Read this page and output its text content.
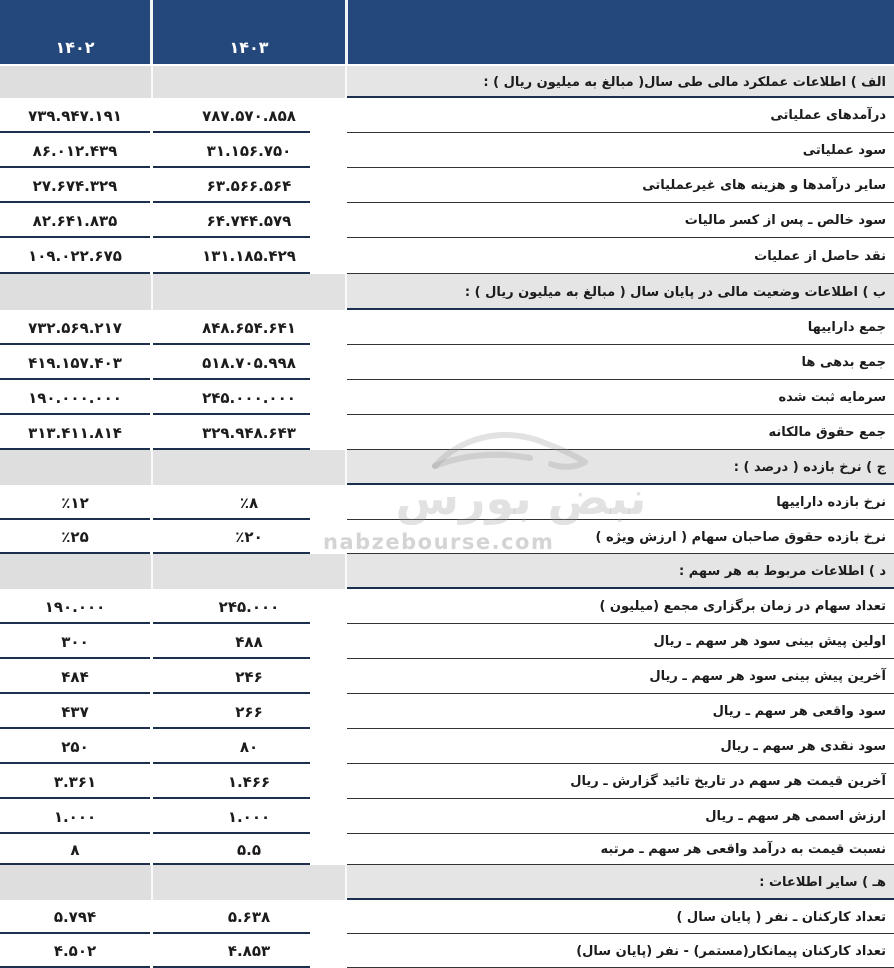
۱۴۰۲	۱۴۰۳
الف ) اطلاعات عملکرد مالی طی سال( مبالغ به میلیون ریال ) :
۷۳۹.۹۴۷.۱۹۱	۷۸۷.۵۷۰.۸۵۸	درآمدهای عملیاتی
۸۶.۰۱۲.۴۳۹	۳۱.۱۵۶.۷۵۰	سود عملیاتی
۲۷.۶۷۴.۳۲۹	۶۳.۵۶۶.۵۶۴	سایر درآمدها و هزینه های غیرعملیاتی
۸۲.۶۴۱.۸۳۵	۶۴.۷۴۴.۵۷۹	سود خالص ـ پس از کسر مالیات
۱۰۹.۰۲۲.۶۷۵	۱۳۱.۱۸۵.۴۲۹	نقد حاصل از عملیات
ب ) اطلاعات وضعیت مالی در پایان سال ( مبالغ به میلیون ریال ) :
۷۳۲.۵۶۹.۲۱۷	۸۴۸.۶۵۴.۶۴۱	جمع داراییها
۴۱۹.۱۵۷.۴۰۳	۵۱۸.۷۰۵.۹۹۸	جمع بدهی ها
۱۹۰.۰۰۰.۰۰۰	۲۴۵.۰۰۰.۰۰۰	سرمایه ثبت شده
۳۱۳.۴۱۱.۸۱۴	۳۲۹.۹۴۸.۶۴۳	جمع حقوق مالکانه
ج ) نرخ بازده ( درصد ) :
٪۱۲	٪۸	نرخ بازده داراییها
٪۲۵	٪۲۰	نرخ بازده حقوق صاحبان سهام ( ارزش ویژه )
د ) اطلاعات مربوط به هر سهم :
۱۹۰.۰۰۰	۲۴۵.۰۰۰	تعداد سهام در زمان برگزاری مجمع (میلیون )
۳۰۰	۴۸۸	اولین پیش بینی سود هر سهم ـ ریال
۴۸۴	۲۴۶	آخرین پیش بینی سود هر سهم ـ ریال
۴۳۷	۲۶۶	سود واقعی هر سهم ـ ریال
۲۵۰	۸۰	سود نقدی هر سهم ـ ریال
۳.۳۶۱	۱.۴۶۶	آخرین قیمت هر سهم در تاریخ تائید گزارش ـ ریال
۱.۰۰۰	۱.۰۰۰	ارزش اسمی هر سهم ـ ریال
۸	۵.۵	نسبت قیمت به درآمد واقعی هر سهم ـ مرتبه
هـ ) سایر اطلاعات :
۵.۷۹۴	۵.۶۳۸	تعداد کارکنان ـ نفر ( پایان سال )
۴.۵۰۲	۴.۸۵۳	تعداد کارکنان پیمانکار(مستمر) - نفر (پایان سال)
نبض بورس
nabzebourse.com
